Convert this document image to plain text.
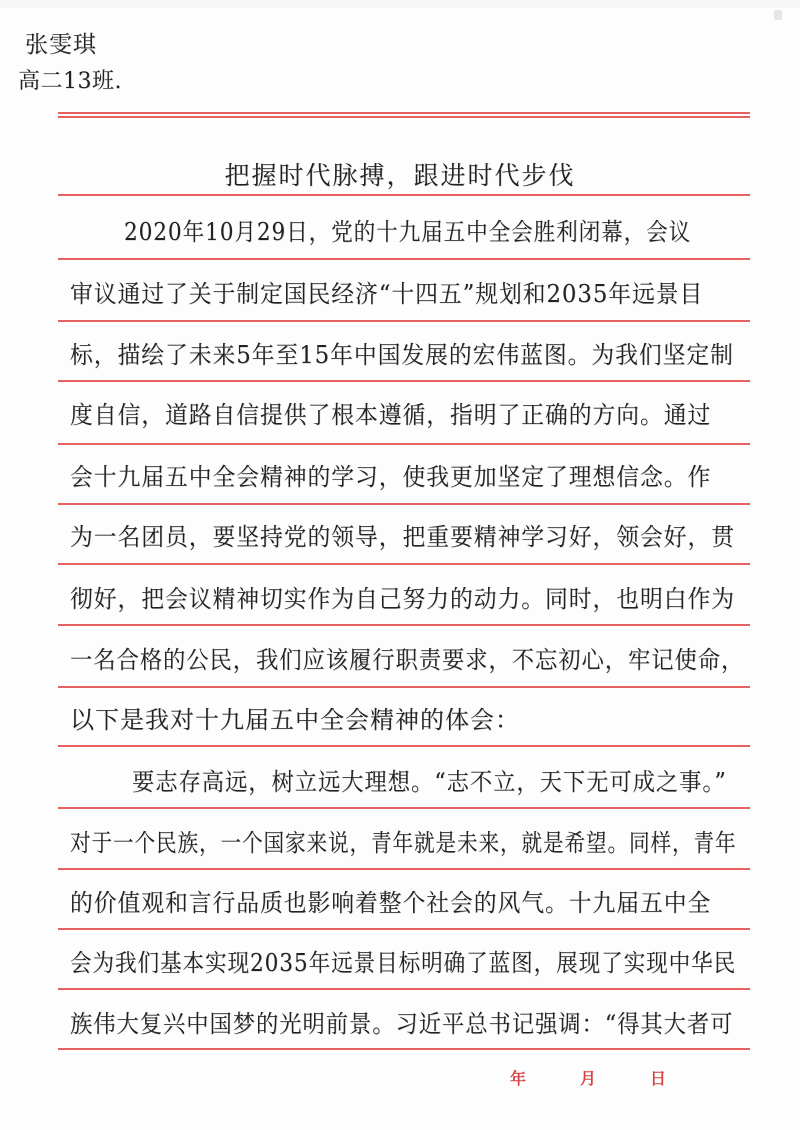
张雯琪
高二13班.
把握时代脉搏，跟进时代步伐
2020年10月29日，党的十九届五中全会胜利闭幕，会议
审议通过了关于制定国民经济“十四五”规划和2035年远景目
标，描绘了未来5年至15年中国发展的宏伟蓝图。为我们坚定制
度自信，道路自信提供了根本遵循，指明了正确的方向。通过
会十九届五中全会精神的学习，使我更加坚定了理想信念。作
为一名团员，要坚持党的领导，把重要精神学习好，领会好，贯
彻好，把会议精神切实作为自己努力的动力。同时，也明白作为
一名合格的公民，我们应该履行职责要求，不忘初心，牢记使命，
以下是我对十九届五中全会精神的体会：
要志存高远，树立远大理想。“志不立，天下无可成之事。”
对于一个民族，一个国家来说，青年就是未来，就是希望。同样，青年
的价值观和言行品质也影响着整个社会的风气。十九届五中全
会为我们基本实现2035年远景目标明确了蓝图，展现了实现中华民
族伟大复兴中国梦的光明前景。习近平总书记强调：“得其大者可
年	月	日
